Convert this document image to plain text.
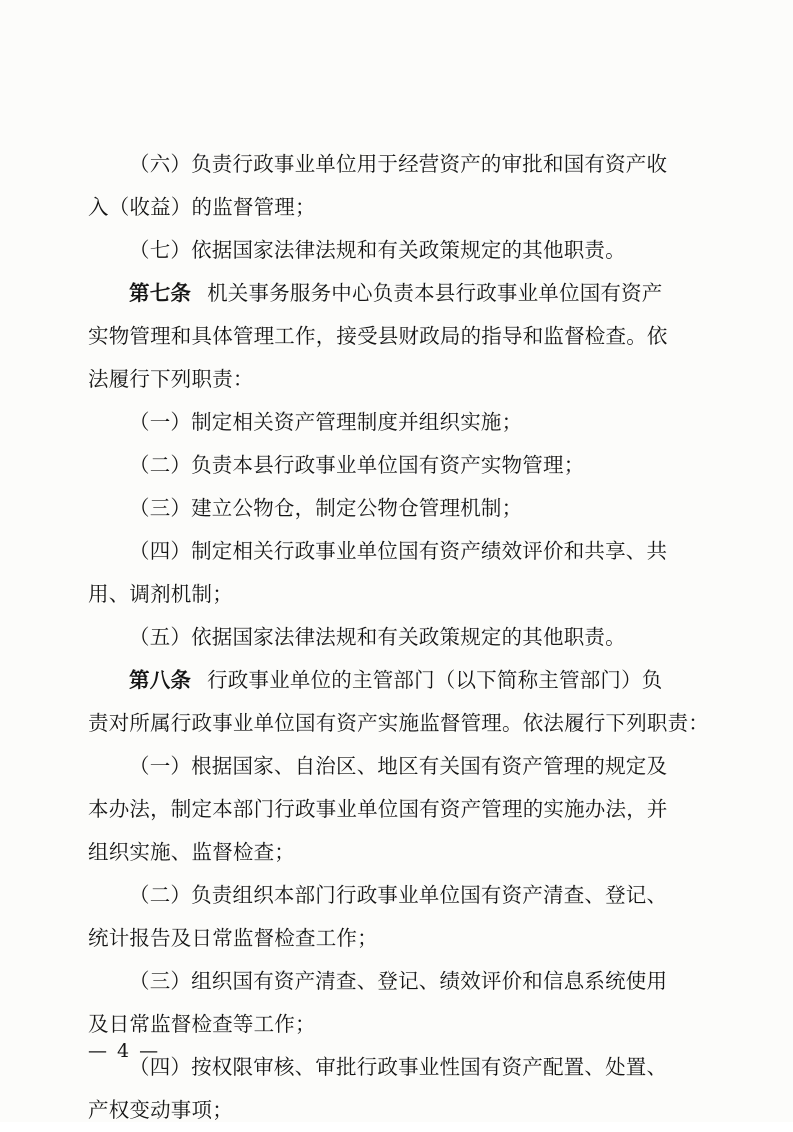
（六）负责行政事业单位用于经营资产的审批和国有资产收
入（收益）的监督管理；
（七）依据国家法律法规和有关政策规定的其他职责。
第七条 机关事务服务中心负责本县行政事业单位国有资产
实物管理和具体管理工作，接受县财政局的指导和监督检查。依
法履行下列职责：
（一）制定相关资产管理制度并组织实施；
（二）负责本县行政事业单位国有资产实物管理；
（三）建立公物仓，制定公物仓管理机制；
（四）制定相关行政事业单位国有资产绩效评价和共享、共
用、调剂机制；
（五）依据国家法律法规和有关政策规定的其他职责。
第八条 行政事业单位的主管部门（以下简称主管部门）负
责对所属行政事业单位国有资产实施监督管理。依法履行下列职责：
（一）根据国家、自治区、地区有关国有资产管理的规定及
本办法，制定本部门行政事业单位国有资产管理的实施办法，并
组织实施、监督检查；
（二）负责组织本部门行政事业单位国有资产清查、登记、
统计报告及日常监督检查工作；
（三）组织国有资产清查、登记、绩效评价和信息系统使用
及日常监督检查等工作；
（四）按权限审核、审批行政事业性国有资产配置、处置、
产权变动事项；
— 4 —
